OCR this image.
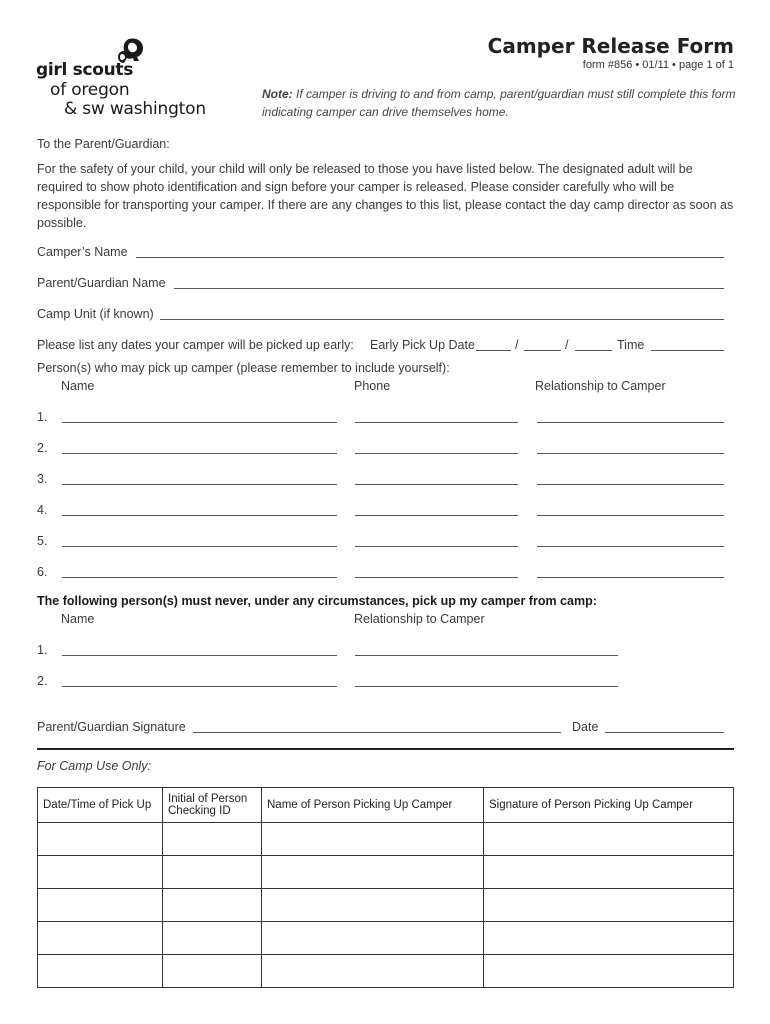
girl scouts
of oregon
& sw washington
Camper Release Form
form #856 • 01/11 • page 1 of 1
Note: If camper is driving to and from camp, parent/guardian must still complete this form indicating camper can drive themselves home.
To the Parent/Guardian:
For the safety of your child, your child will only be released to those you have listed below. The designated adult will be required to show photo identification and sign before your camper is released. Please consider carefully who will be responsible for transporting your camper. If there are any changes to this list, please contact the day camp director as soon as possible.
Camper’s Name
Parent/Guardian Name
Camp Unit (if known)
Please list any dates your camper will be picked up early: Early Pick Up Date	/	/	Time
Person(s) who may pick up camper (please remember to include yourself):
Name	Phone	Relationship to Camper
1.
2.
3.
4.
5.
6.
The following person(s) must never, under any circumstances, pick up my camper from camp:
Name	Relationship to Camper
1.
2.
Parent/Guardian Signature	Date
For Camp Use Only:
Date/Time of Pick Up	Initial of Person Checking ID	Name of Person Picking Up Camper	Signature of Person Picking Up Camper
